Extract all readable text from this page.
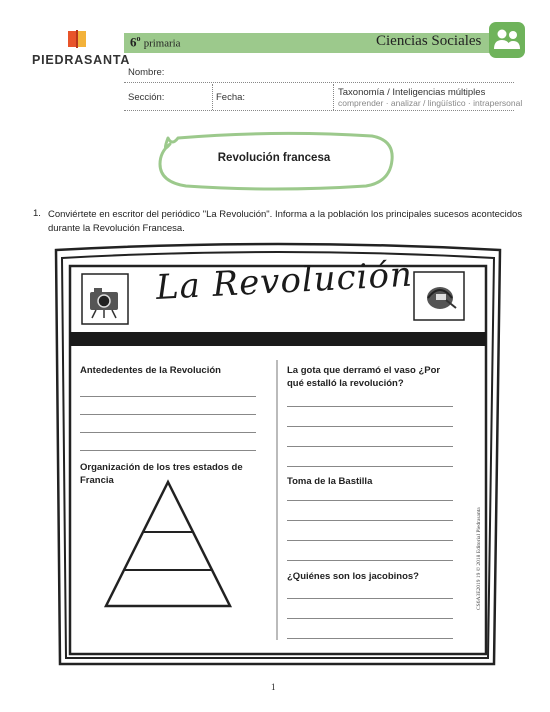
PIEDRASANTA
6$^o$ primaria	Ciencias Sociales
Nombre:
Sección:	Fecha:	Taxonomía / Inteligencias múltiples
comprender · analizar / lingüístico · intrapersonal
Revolución francesa
1. Conviértete en escritor del periódico "La Revolución". Informa a la población los principales sucesos acontecidos durante la Revolución Francesa.
La Revolución
Antededentes de la Revolución
Organización de los tres estados de Francia
La gota que derramó el vaso ¿Por qué estalló la revolución?
Toma de la Bastilla
¿Quiénes son los jacobinos?	CS6A3E2019 19 © 2018 Editorial Piedrasanta
1
